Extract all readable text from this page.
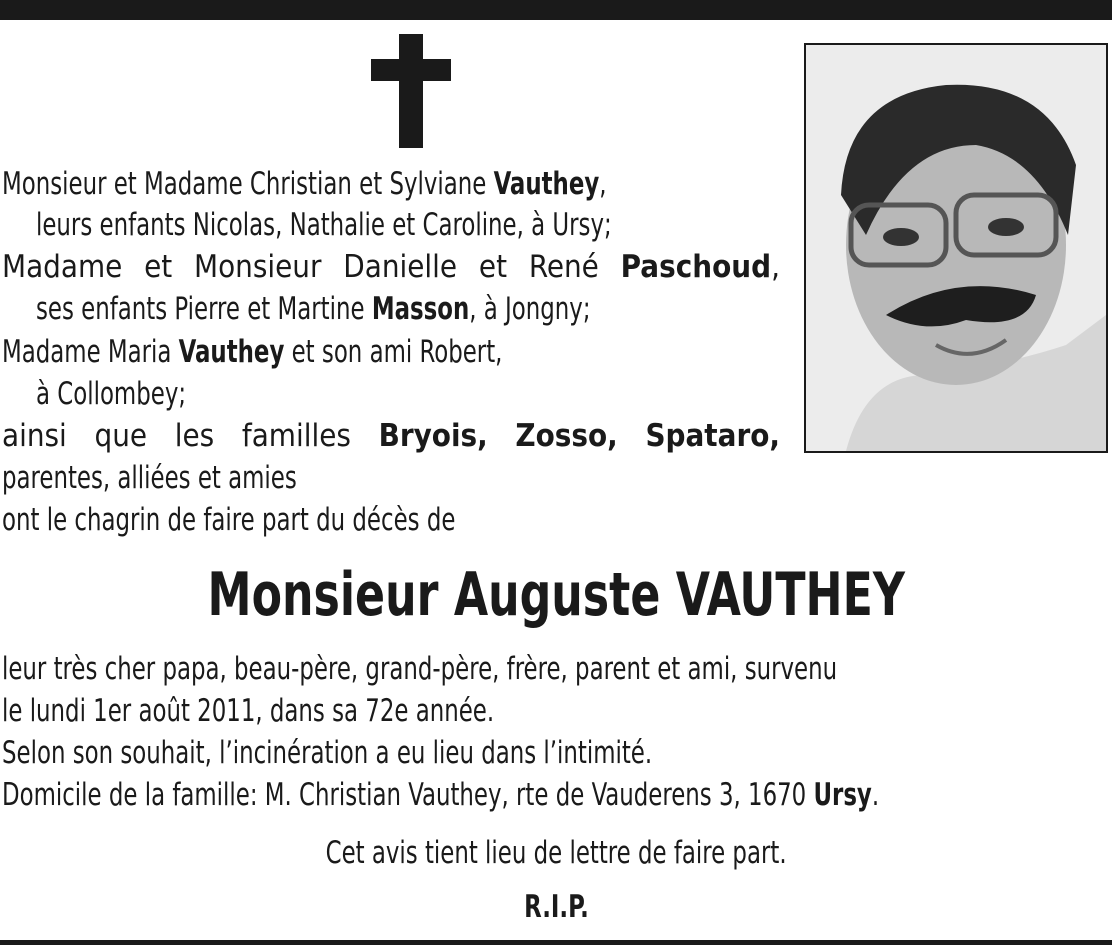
Monsieur et Madame Christian et Sylviane Vauthey,
leurs enfants Nicolas, Nathalie et Caroline, à Ursy;
Madame et Monsieur Danielle et René Paschoud,
ses enfants Pierre et Martine Masson, à Jongny;
Madame Maria Vauthey et son ami Robert,
à Collombey;
ainsi que les familles Bryois, Zosso, Spataro,
parentes, alliées et amies
ont le chagrin de faire part du décès de
Monsieur Auguste VAUTHEY
leur très cher papa, beau-père, grand-père, frère, parent et ami, survenu
le lundi 1er août 2011, dans sa 72e année.
Selon son souhait, l’incinération a eu lieu dans l’intimité.
Domicile de la famille: M. Christian Vauthey, rte de Vauderens 3, 1670 Ursy.
Cet avis tient lieu de lettre de faire part.
R.I.P.
